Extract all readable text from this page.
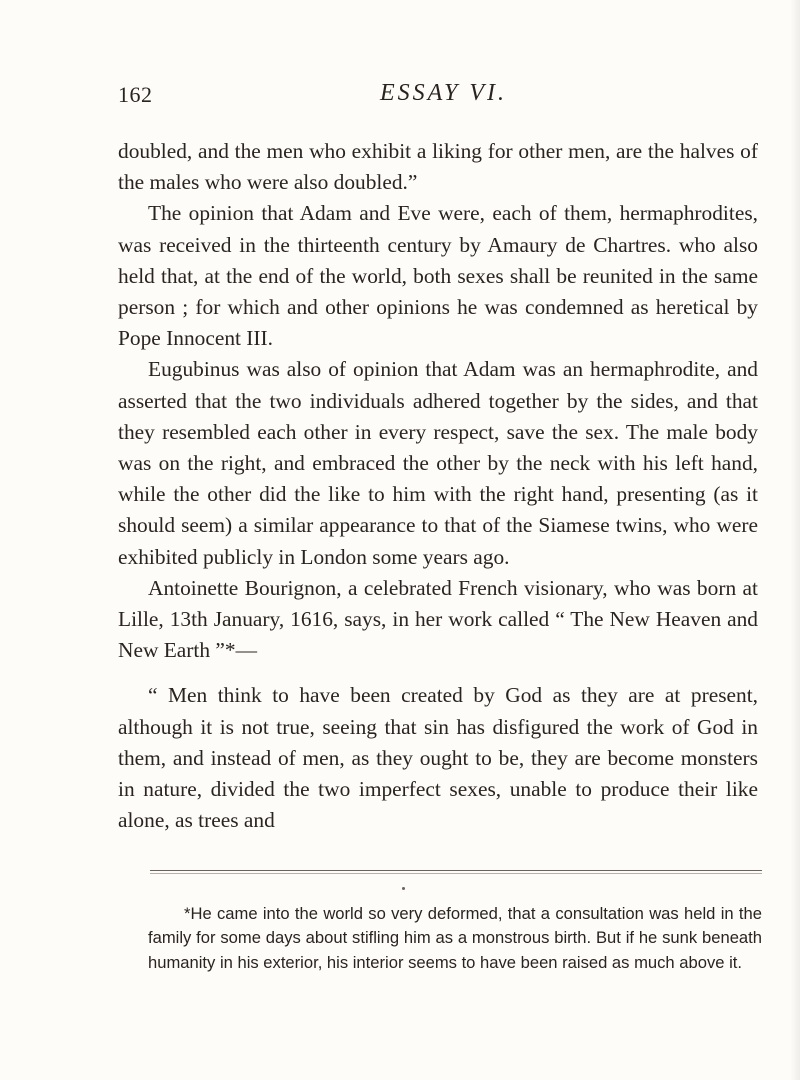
162	ESSAY VI.

doubled, and the men who exhibit a liking for other men, are the halves of the males who were also doubled.”

The opinion that Adam and Eve were, each of them, hermaphrodites, was received in the thirteenth century by Amaury de Chartres. who also held that, at the end of the world, both sexes shall be reunited in the same person ; for which and other opinions he was condemned as heretical by Pope Innocent III.

Eugubinus was also of opinion that Adam was an hermaphrodite, and asserted that the two individuals adhered together by the sides, and that they resembled each other in every respect, save the sex. The male body was on the right, and embraced the other by the neck with his left hand, while the other did the like to him with the right hand, presenting (as it should seem) a similar appearance to that of the Siamese twins, who were exhibited publicly in London some years ago.

Antoinette Bourignon, a celebrated French visionary, who was born at Lille, 13th January, 1616, says, in her work called “ The New Heaven and New Earth ”*—

“ Men think to have been created by God as they are at present, although it is not true, seeing that sin has disfigured the work of God in them, and instead of men, as they ought to be, they are become monsters in nature, divided the two imperfect sexes, unable to produce their like alone, as trees and

*He came into the world so very deformed, that a consultation was held in the family for some days about stifling him as a monstrous birth. But if he sunk beneath humanity in his exterior, his interior seems to have been raised as much above it.
